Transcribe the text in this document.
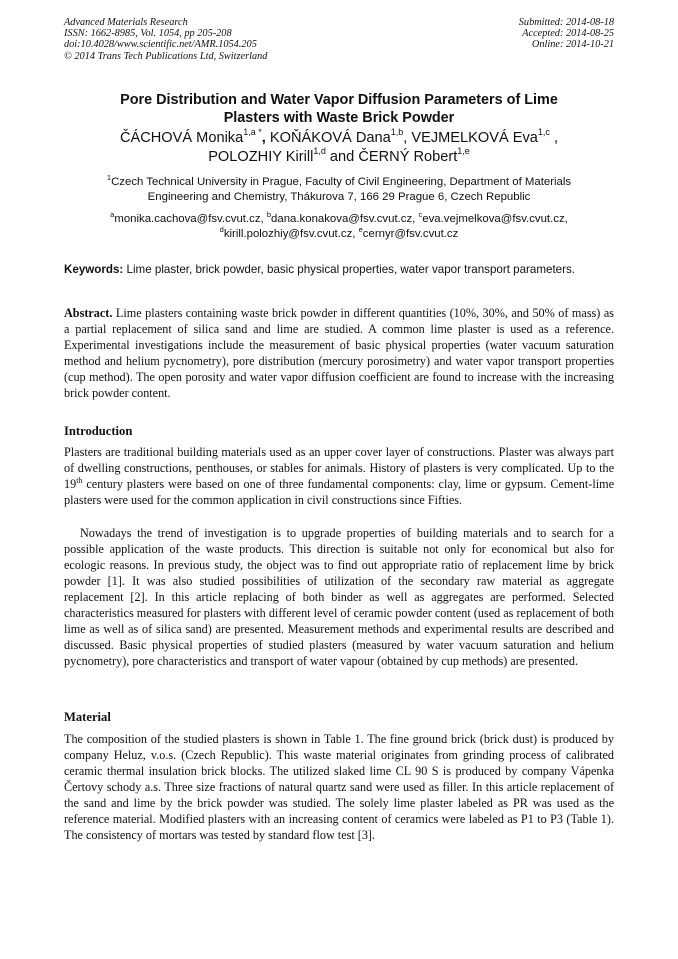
Advanced Materials Research
ISSN: 1662-8985, Vol. 1054, pp 205-208
doi:10.4028/www.scientific.net/AMR.1054.205
© 2014 Trans Tech Publications Ltd, Switzerland
Submitted: 2014-08-18
Accepted: 2014-08-25
Online: 2014-10-21
Pore Distribution and Water Vapor Diffusion Parameters of Lime
Plasters with Waste Brick Powder
ČÁCHOVÁ Monika$^{1,a *}$, KOŇÁKOVÁ Dana$^{1,b}$, VEJMELKOVÁ Eva$^{1,c}$ ,
POLOZHIY Kirill$^{1,d}$ and ČERNÝ Robert$^{1,e}$
$^1$Czech Technical University in Prague, Faculty of Civil Engineering, Department of Materials
Engineering and Chemistry, Thákurova 7, 166 29 Prague 6, Czech Republic
$^a$monika.cachova@fsv.cvut.cz, $^b$dana.konakova@fsv.cvut.cz, $^c$eva.vejmelkova@fsv.cvut.cz,
$^d$kirill.polozhiy@fsv.cvut.cz, $^e$cernyr@fsv.cvut.cz
Keywords: Lime plaster, brick powder, basic physical properties, water vapor transport parameters.
Abstract. Lime plasters containing waste brick powder in different quantities (10%, 30%, and 50% of mass) as a partial replacement of silica sand and lime are studied. A common lime plaster is used as a reference. Experimental investigations include the measurement of basic physical properties (water vacuum saturation method and helium pycnometry), pore distribution (mercury porosimetry) and water vapor transport properties (cup method). The open porosity and water vapor diffusion coefficient are found to increase with the increasing brick powder content.
Introduction
Plasters are traditional building materials used as an upper cover layer of constructions. Plaster was always part of dwelling constructions, penthouses, or stables for animals. History of plasters is very complicated. Up to the 19th century plasters were based on one of three fundamental components: clay, lime or gypsum. Cement-lime plasters were used for the common application in civil constructions since Fifties.
Nowadays the trend of investigation is to upgrade properties of building materials and to search for a possible application of the waste products. This direction is suitable not only for economical but also for ecologic reasons. In previous study, the object was to find out appropriate ratio of replacement lime by brick powder [1]. It was also studied possibilities of utilization of the secondary raw material as aggregate replacement [2]. In this article replacing of both binder as well as aggregates are performed. Selected characteristics measured for plasters with different level of ceramic powder content (used as replacement of both lime as well as of silica sand) are presented. Measurement methods and experimental results are described and discussed. Basic physical properties of studied plasters (measured by water vacuum saturation and helium pycnometry), pore characteristics and transport of water vapour (obtained by cup methods) are presented.
Material
The composition of the studied plasters is shown in Table 1. The fine ground brick (brick dust) is produced by company Heluz, v.o.s. (Czech Republic). This waste material originates from grinding process of calibrated ceramic thermal insulation brick blocks. The utilized slaked lime CL 90 S is produced by company Vápenka Čertovy schody a.s. Three size fractions of natural quartz sand were used as filler. In this article replacement of the sand and lime by the brick powder was studied. The solely lime plaster labeled as PR was used as the reference material. Modified plasters with an increasing content of ceramics were labeled as P1 to P3 (Table 1). The consistency of mortars was tested by standard flow test [3].
